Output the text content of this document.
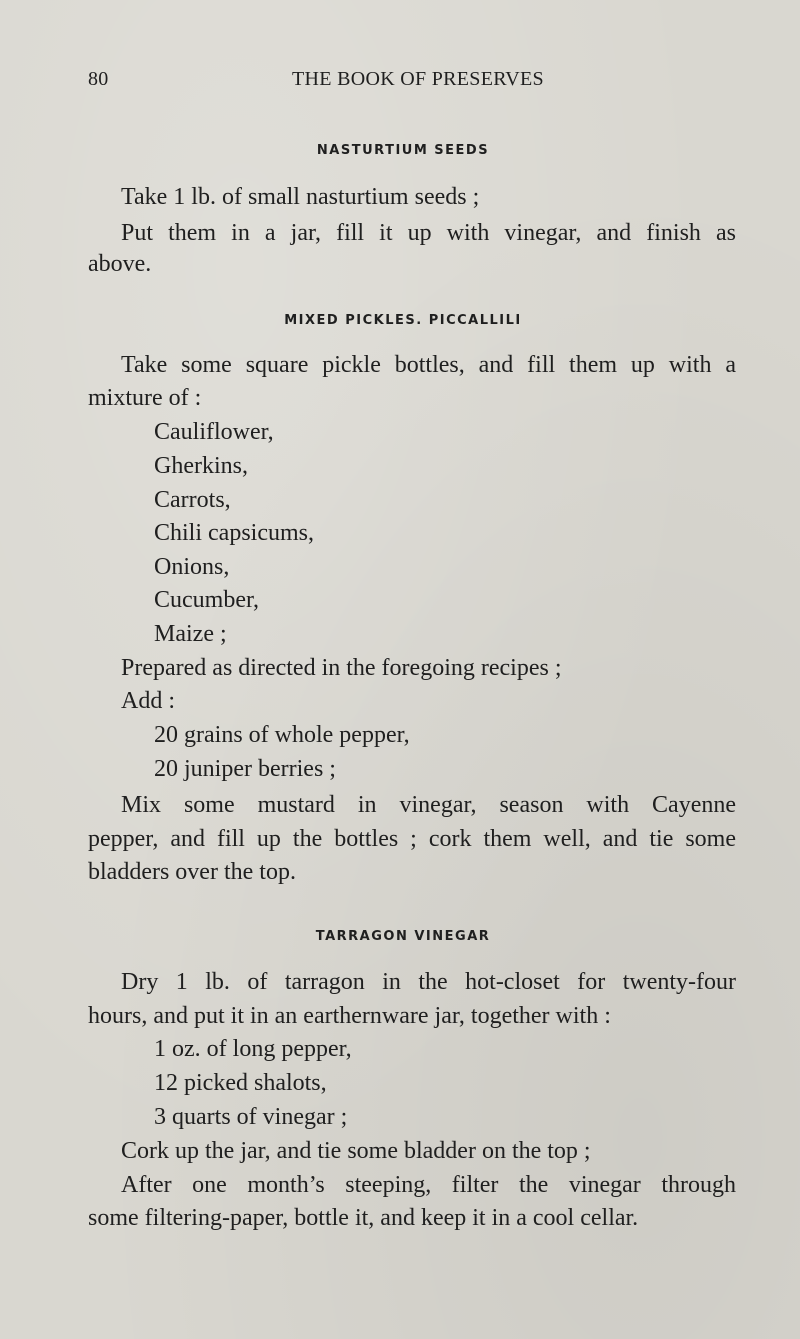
80	THE BOOK OF PRESERVES
NASTURTIUM SEEDS
Take 1 lb. of small nasturtium seeds ;
Put them in a jar, fill it up with vinegar, and finish as
above.
MIXED PICKLES. PICCALLILI
Take some square pickle bottles, and fill them up with a
mixture of :
Cauliflower,
Gherkins,
Carrots,
Chili capsicums,
Onions,
Cucumber,
Maize ;
Prepared as directed in the foregoing recipes ;
Add :
20 grains of whole pepper,
20 juniper berries ;
Mix some mustard in vinegar, season with Cayenne
pepper, and fill up the bottles ; cork them well, and tie some
bladders over the top.
TARRAGON VINEGAR
Dry 1 lb. of tarragon in the hot-closet for twenty-four
hours, and put it in an earthernware jar, together with :
1 oz. of long pepper,
12 picked shalots,
3 quarts of vinegar ;
Cork up the jar, and tie some bladder on the top ;
After one month’s steeping, filter the vinegar through
some filtering-paper, bottle it, and keep it in a cool cellar.
